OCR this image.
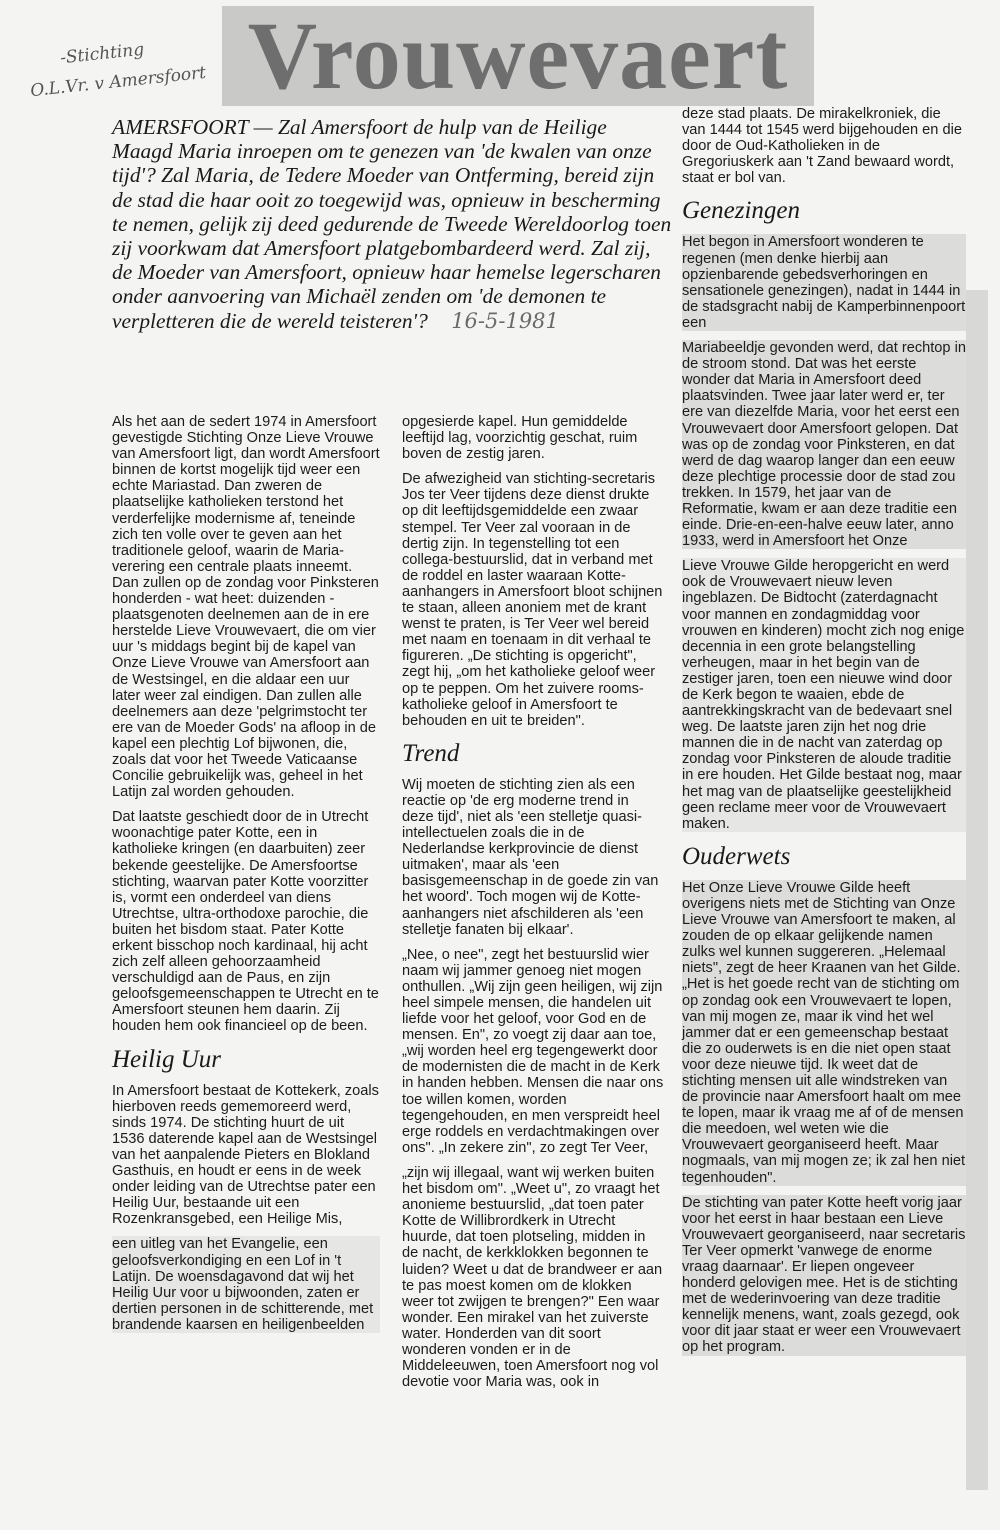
-Stichting
O.L.Vr. v Amersfoort Vrouwevaert
AMERSFOORT — Zal Amersfoort de hulp van de Heilige Maagd Maria inroepen om te genezen van 'de kwalen van onze tijd'? Zal Maria, de Tedere Moeder van Ontferming, bereid zijn de stad die haar ooit zo toegewijd was, opnieuw in bescherming te nemen, gelijk zij deed gedurende de Tweede Wereldoorlog toen zij voorkwam dat Amersfoort platgebombardeerd werd. Zal zij, de Moeder van Amersfoort, opnieuw haar hemelse legerscharen onder aanvoering van Michaël zenden om 'de demonen te verpletteren die de wereld teisteren'? 16-5-1981

Als het aan de sedert 1974 in Amersfoort gevestigde Stichting Onze Lieve Vrouwe van Amersfoort ligt, dan wordt Amersfoort binnen de kortst mogelijk tijd weer een echte Mariastad. Dan zweren de plaatselijke katholieken terstond het verderfelijke modernisme af, teneinde zich ten volle over te geven aan het traditionele geloof, waarin de Maria-verering een centrale plaats inneemt. Dan zullen op de zondag voor Pinksteren honderden - wat heet: duizenden - plaatsgenoten deelnemen aan de in ere herstelde Lieve Vrouwevaert, die om vier uur 's middags begint bij de kapel van Onze Lieve Vrouwe van Amersfoort aan de Westsingel, en die aldaar een uur later weer zal eindigen. Dan zullen alle deelnemers aan deze 'pelgrimstocht ter ere van de Moeder Gods' na afloop in de kapel een plechtig Lof bijwonen, die, zoals dat voor het Tweede Vaticaanse Concilie gebruikelijk was, geheel in het Latijn zal worden gehouden.

Dat laatste geschiedt door de in Utrecht woonachtige pater Kotte, een in katholieke kringen (en daarbuiten) zeer bekende geestelijke. De Amersfoortse stichting, waarvan pater Kotte voorzitter is, vormt een onderdeel van diens Utrechtse, ultra-orthodoxe parochie, die buiten het bisdom staat. Pater Kotte erkent bisschop noch kardinaal, hij acht zich zelf alleen gehoorzaamheid verschuldigd aan de Paus, en zijn geloofsgemeenschappen te Utrecht en te Amersfoort steunen hem daarin. Zij houden hem ook financieel op de been.

Heilig Uur

In Amersfoort bestaat de Kottekerk, zoals hierboven reeds gememoreerd werd, sinds 1974. De stichting huurt de uit 1536 daterende kapel aan de Westsingel van het aanpalende Pieters en Blokland Gasthuis, en houdt er eens in de week onder leiding van de Utrechtse pater een Heilig Uur, bestaande uit een Rozenkransgebed, een Heilige Mis,

een uitleg van het Evangelie, een geloofsverkondiging en een Lof in 't Latijn. De woensdagavond dat wij het Heilig Uur voor u bijwoonden, zaten er dertien personen in de schitterende, met brandende kaarsen en heiligenbeelden

opgesierde kapel. Hun gemiddelde leeftijd lag, voorzichtig geschat, ruim boven de zestig jaren.

De afwezigheid van stichting-secretaris Jos ter Veer tijdens deze dienst drukte op dit leeftijdsgemiddelde een zwaar stempel. Ter Veer zal vooraan in de dertig zijn. In tegenstelling tot een collega-bestuurslid, dat in verband met de roddel en laster waaraan Kotte-aanhangers in Amersfoort bloot schijnen te staan, alleen anoniem met de krant wenst te praten, is Ter Veer wel bereid met naam en toenaam in dit verhaal te figureren. „De stichting is opgericht", zegt hij, „om het katholieke geloof weer op te peppen. Om het zuivere rooms-katholieke geloof in Amersfoort te behouden en uit te breiden".

Trend

Wij moeten de stichting zien als een reactie op 'de erg moderne trend in deze tijd', niet als 'een stelletje quasi-intellectuelen zoals die in de Nederlandse kerkprovincie de dienst uitmaken', maar als 'een basisgemeenschap in de goede zin van het woord'. Toch mogen wij de Kotte-aanhangers niet afschilderen als 'een stelletje fanaten bij elkaar'.

„Nee, o nee", zegt het bestuurslid wier naam wij jammer genoeg niet mogen onthullen. „Wij zijn geen heiligen, wij zijn heel simpele mensen, die handelen uit liefde voor het geloof, voor God en de mensen. En", zo voegt zij daar aan toe, „wij worden heel erg tegengewerkt door de modernisten die de macht in de Kerk in handen hebben. Mensen die naar ons toe willen komen, worden tegengehouden, en men verspreidt heel erge roddels en verdachtmakingen over ons". „In zekere zin", zo zegt Ter Veer,

„zijn wij illegaal, want wij werken buiten het bisdom om". „Weet u", zo vraagt het anonieme bestuurslid, „dat toen pater Kotte de Willibrordkerk in Utrecht huurde, dat toen plotseling, midden in de nacht, de kerkklokken begonnen te luiden? Weet u dat de brandweer er aan te pas moest komen om de klokken weer tot zwijgen te brengen?" Een waar wonder. Een mirakel van het zuiverste water. Honderden van dit soort wonderen vonden er in de Middeleeuwen, toen Amersfoort nog vol devotie voor Maria was, ook in

deze stad plaats. De mirakelkroniek, die van 1444 tot 1545 werd bijgehouden en die door de Oud-Katholieken in de Gregoriuskerk aan 't Zand bewaard wordt, staat er bol van.

Genezingen

Het begon in Amersfoort wonderen te regenen (men denke hierbij aan opzienbarende gebedsverhoringen en sensationele genezingen), nadat in 1444 in de stadsgracht nabij de Kamperbinnenpoort een

Mariabeeldje gevonden werd, dat rechtop in de stroom stond. Dat was het eerste wonder dat Maria in Amersfoort deed plaatsvinden. Twee jaar later werd er, ter ere van diezelfde Maria, voor het eerst een Vrouwevaert door Amersfoort gelopen. Dat was op de zondag voor Pinksteren, en dat werd de dag waarop langer dan een eeuw deze plechtige processie door de stad zou trekken. In 1579, het jaar van de Reformatie, kwam er aan deze traditie een einde. Drie-en-een-halve eeuw later, anno 1933, werd in Amersfoort het Onze

Lieve Vrouwe Gilde heropgericht en werd ook de Vrouwevaert nieuw leven ingeblazen. De Bidtocht (zaterdagnacht voor mannen en zondagmiddag voor vrouwen en kinderen) mocht zich nog enige decennia in een grote belangstelling verheugen, maar in het begin van de zestiger jaren, toen een nieuwe wind door de Kerk begon te waaien, ebde de aantrekkingskracht van de bedevaart snel weg. De laatste jaren zijn het nog drie mannen die in de nacht van zaterdag op zondag voor Pinksteren de aloude traditie in ere houden. Het Gilde bestaat nog, maar het mag van de plaatselijke geestelijkheid geen reclame meer voor de Vrouwevaert maken.

Ouderwets

Het Onze Lieve Vrouwe Gilde heeft overigens niets met de Stichting van Onze Lieve Vrouwe van Amersfoort te maken, al zouden de op elkaar gelijkende namen zulks wel kunnen suggereren. „Helemaal niets", zegt de heer Kraanen van het Gilde. „Het is het goede recht van de stichting om op zondag ook een Vrouwevaert te lopen, van mij mogen ze, maar ik vind het wel jammer dat er een gemeenschap bestaat die zo ouderwets is en die niet open staat voor deze nieuwe tijd. Ik weet dat de stichting mensen uit alle windstreken van de provincie naar Amersfoort haalt om mee te lopen, maar ik vraag me af of de mensen die meedoen, wel weten wie die Vrouwevaert georganiseerd heeft. Maar nogmaals, van mij mogen ze; ik zal hen niet tegenhouden".

De stichting van pater Kotte heeft vorig jaar voor het eerst in haar bestaan een Lieve Vrouwevaert georganiseerd, naar secretaris Ter Veer opmerkt 'vanwege de enorme vraag daarnaar'. Er liepen ongeveer honderd gelovigen mee. Het is de stichting met de wederinvoering van deze traditie kennelijk menens, want, zoals gezegd, ook voor dit jaar staat er weer een Vrouwevaert op het program.
